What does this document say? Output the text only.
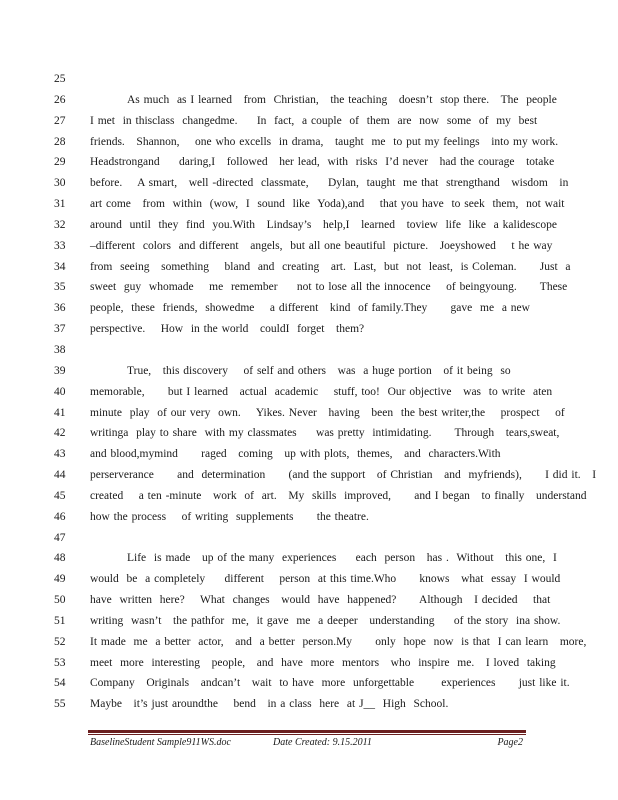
25
26	As much  as I learned   from  Christian,   the teaching   doesn’t  stop there.   The  people
27	I met  in thisclass  changedme.     In  fact,  a couple  of  them  are  now  some  of  my  best
28	friends.   Shannon,    one who excells  in drama,   taught  me  to put my feelings   into my work.
29	Headstrongand     daring,I   followed   her lead,  with  risks  I’d never   had the courage   totake
30	before.    A smart,   well -directed  classmate,     Dylan,  taught  me that  strengthand   wisdom   in
31	art come   from  within  (wow,  I  sound  like  Yoda),and    that you have  to seek  them,  not wait
32	around  until  they  find  you.With   Lindsay’s   help,I   learned   toview  life  like  a kalidescope
33	–different  colors  and different   angels,  but all one beautiful  picture.   Joeyshowed    t he way
34	from  seeing   something    bland  and  creating   art.  Last,  but  not  least,  is Coleman.      Just  a
35	sweet  guy  whomade    me  remember     not to lose all the innocence    of beingyoung.      These
36	people,  these  friends,  showedme    a different   kind  of family.They      gave  me  a new
37	perspective.    How  in the world   couldI  forget   them?
38
39	True,   this discovery    of self and others   was  a huge portion   of it being  so
40	memorable,      but I learned   actual  academic    stuff, too!  Our objective   was  to write  aten
41	minute  play  of our very  own.    Yikes. Never   having   been  the best writer,the    prospect    of
42	writinga  play to share  with my classmates     was pretty  intimidating.      Through   tears,sweat,
43	and blood,mymind      raged   coming   up with plots,  themes,   and  characters.With
44	perserverance      and  determination      (and the support   of Christian   and  myfriends),      I did it.   I
45	created    a ten -minute   work  of  art.   My  skills  improved,      and I began   to finally   understand
46	how the process    of writing  supplements      the theatre.
47
48	Life  is made   up of the many  experiences     each  person   has .  Without   this one,  I
49	would  be  a completely     different    person  at this time.Who      knows   what  essay  I would
50	have  written  here?    What  changes   would  have  happened?      Although   I decided    that
51	writing  wasn’t   the pathfor  me,  it gave  me  a deeper   understanding     of the story  ina show.
52	It made  me  a better  actor,   and  a better  person.My      only  hope  now  is that  I can learn   more,
53	meet  more  interesting   people,   and  have  more  mentors   who  inspire  me.   I loved  taking
54	Company   Originals   andcan’t   wait  to have  more  unforgettable       experiences      just like it.
55	Maybe   it’s just aroundthe    bend   in a class  here  at J__  High  School.
BaselineStudent Sample911WS.doc	Date Created: 9.15.2011	Page2
